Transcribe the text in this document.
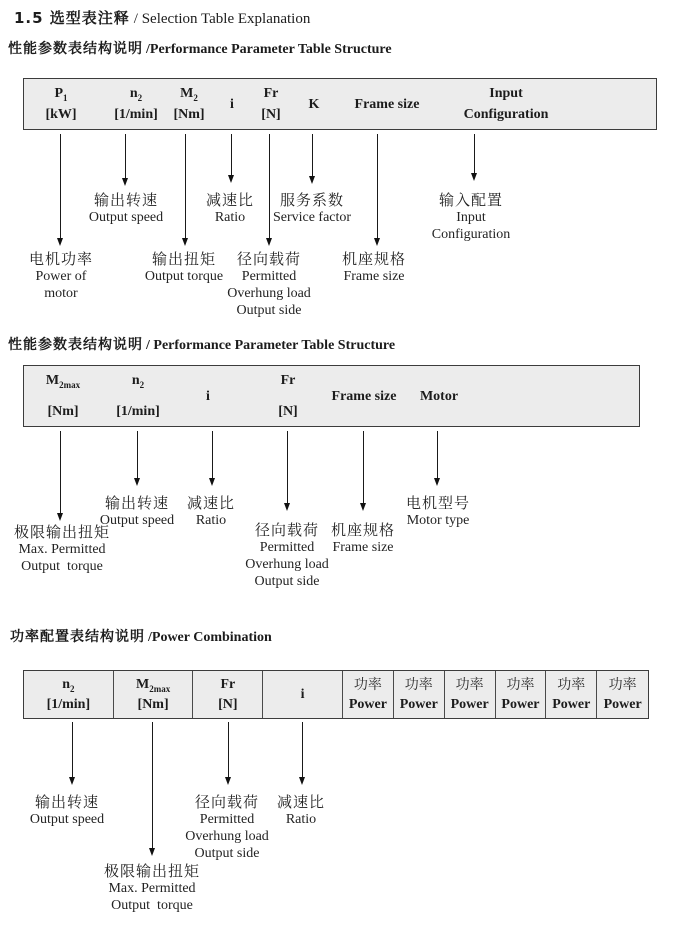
1.5 选型表注释 / Selection Table Explanation
性能参数表结构说明 /Performance Parameter Table Structure
$P_1$
[kW]
$n_2$
[1/min]
$M_2$
[Nm]
i
Fr
[N]
K	Frame size
Input
Configuration
输出转速
Output speed
减速比
Ratio
服务系数
Service factor
输入配置
Input
Configuration
电机功率
Power of
motor
输出扭矩
Output torque
径向载荷
Permitted
Overhung load
Output side
机座规格
Frame size
性能参数表结构说明 / Performance Parameter Table Structure
$M_{2max}$
[Nm]
$n_2$
[1/min]
i
Fr
[N]
Frame size Motor
输出转速
Output speed
减速比
Ratio
电机型号
Motor type
极限输出扭矩
Max. Permitted
Output  torque
径向载荷
Permitted
Overhung load
Output side
机座规格
Frame size
功率配置表结构说明 /Power Combination
$n_2$
[1/min]
$M_{2max}$
[Nm]
Fr
[N]
i
功率
Power
功率
Power
功率
Power
功率
Power
功率
Power
功率
Power
输出转速
Output speed
径向载荷
Permitted
Overhung load
Output side
减速比
Ratio
极限输出扭矩
Max. Permitted
Output  torque
